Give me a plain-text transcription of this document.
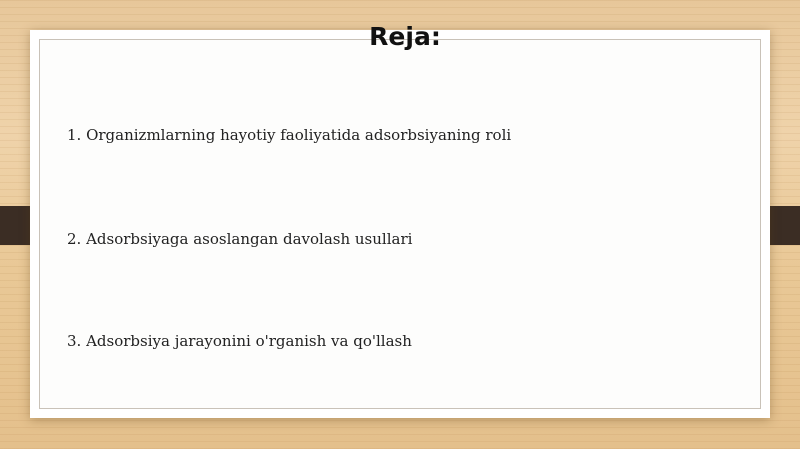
Reja:
1. Organizmlarning hayotiy faoliyatida adsorbsiyaning roli
2. Adsorbsiyaga asoslangan davolash usullari
3. Adsorbsiya jarayonini o'rganish va qo'llash
